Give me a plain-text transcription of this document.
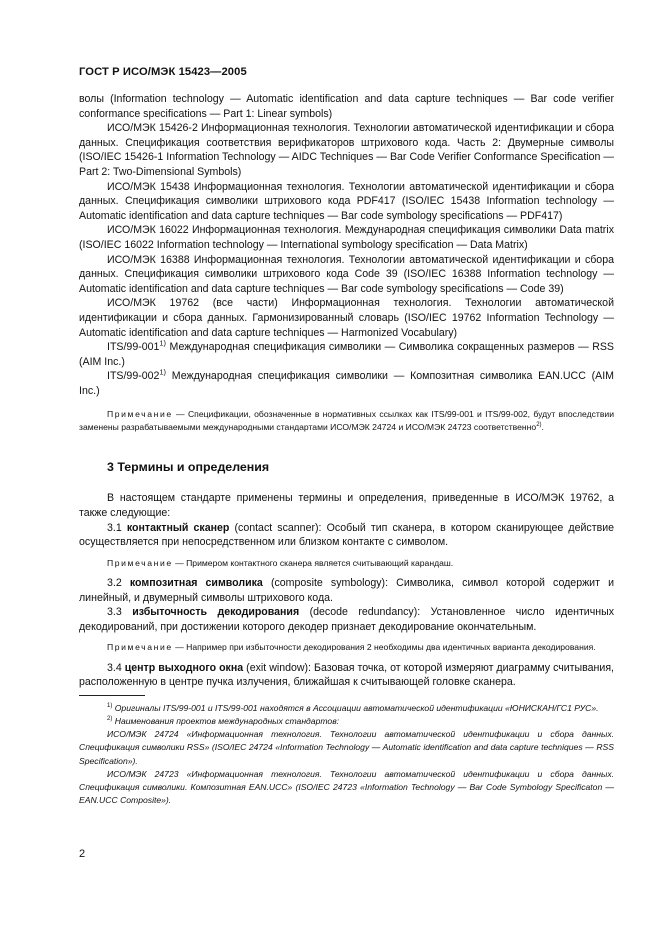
ГОСТ Р ИСО/МЭК 15423—2005

волы (Information technology — Automatic identification and data capture techniques — Bar code verifier conformance specifications — Part 1: Linear symbols)

ИСО/МЭК 15426-2 Информационная технология. Технологии автоматической идентификации и сбора данных. Спецификация соответствия верификаторов штрихового кода. Часть 2: Двумерные символы (ISO/IEC 15426-1 Information Technology — AIDC Techniques — Bar Code Verifier Conformance Specification — Part 2: Two-Dimensional Symbols)

ИСО/МЭК 15438 Информационная технология. Технологии автоматической идентификации и сбора данных. Спецификация символики штрихового кода PDF417 (ISO/IEC 15438 Information technology — Automatic identification and data capture techniques — Bar code symbology specifications — PDF417)

ИСО/МЭК 16022 Информационная технология. Международная спецификация символики Data matrix (ISO/IEC 16022 Information technology — International symbology specification — Data Matrix)

ИСО/МЭК 16388 Информационная технология. Технологии автоматической идентификации и сбора данных. Спецификация символики штрихового кода Code 39 (ISO/IEC 16388 Information technology — Automatic identification and data capture techniques — Bar code symbology specifications — Code 39)

ИСО/МЭК 19762 (все части) Информационная технология. Технологии автоматической идентификации и сбора данных. Гармонизированный словарь (ISO/IEC 19762 Information Technology — Automatic identification and data capture techniques — Harmonized Vocabulary)

ITS/99-001$^{1)}$ Международная спецификация символики — Символика сокращенных размеров — RSS (AIM Inc.)

ITS/99-002$^{1)}$ Международная спецификация символики — Композитная символика EAN.UCC (AIM Inc.)

Примечание — Спецификации, обозначенные в нормативных ссылках как ITS/99-001 и ITS/99-002, будут впоследствии заменены разрабатываемыми международными стандартами ИСО/МЭК 24724 и ИСО/МЭК 24723 соответственно$^{2)}$.

3 Термины и определения

В настоящем стандарте применены термины и определения, приведенные в ИСО/МЭК 19762, а также следующие:

3.1 контактный сканер (contact scanner): Особый тип сканера, в котором сканирующее действие осуществляется при непосредственном или близком контакте с символом.

Примечание — Примером контактного сканера является считывающий карандаш.

3.2 композитная символика (composite symbology): Символика, символ которой содержит и линейный, и двумерный символы штрихового кода.

3.3 избыточность декодирования (decode redundancy): Установленное число идентичных декодирований, при достижении которого декодер признает декодирование окончательным.

Примечание — Например при избыточности декодирования 2 необходимы два идентичных варианта декодирования.

3.4 центр выходного окна (exit window): Базовая точка, от которой измеряют диаграмму считывания, расположенную в центре пучка излучения, ближайшая к считывающей головке сканера.

$^{1)}$ Оригиналы ITS/99-001 и ITS/99-001 находятся в Ассоциации автоматической идентификации «ЮНИСКАН/ГС1 РУС».

$^{2)}$ Наименования проектов международных стандартов:

ИСО/МЭК 24724 «Информационная технология. Технологии автоматической идентификации и сбора данных. Спецификация символики RSS» (ISO/IEC 24724 «Information Technology — Automatic identification and data capture techniques — RSS Specification»).

ИСО/МЭК 24723 «Информационная технология. Технологии автоматической идентификации и сбора данных. Спецификация символики. Композитная EAN.UCC» (ISO/IEC 24723 «Information Technology — Bar Code Symbology Specificaton — EAN.UCC Composite»).

2
